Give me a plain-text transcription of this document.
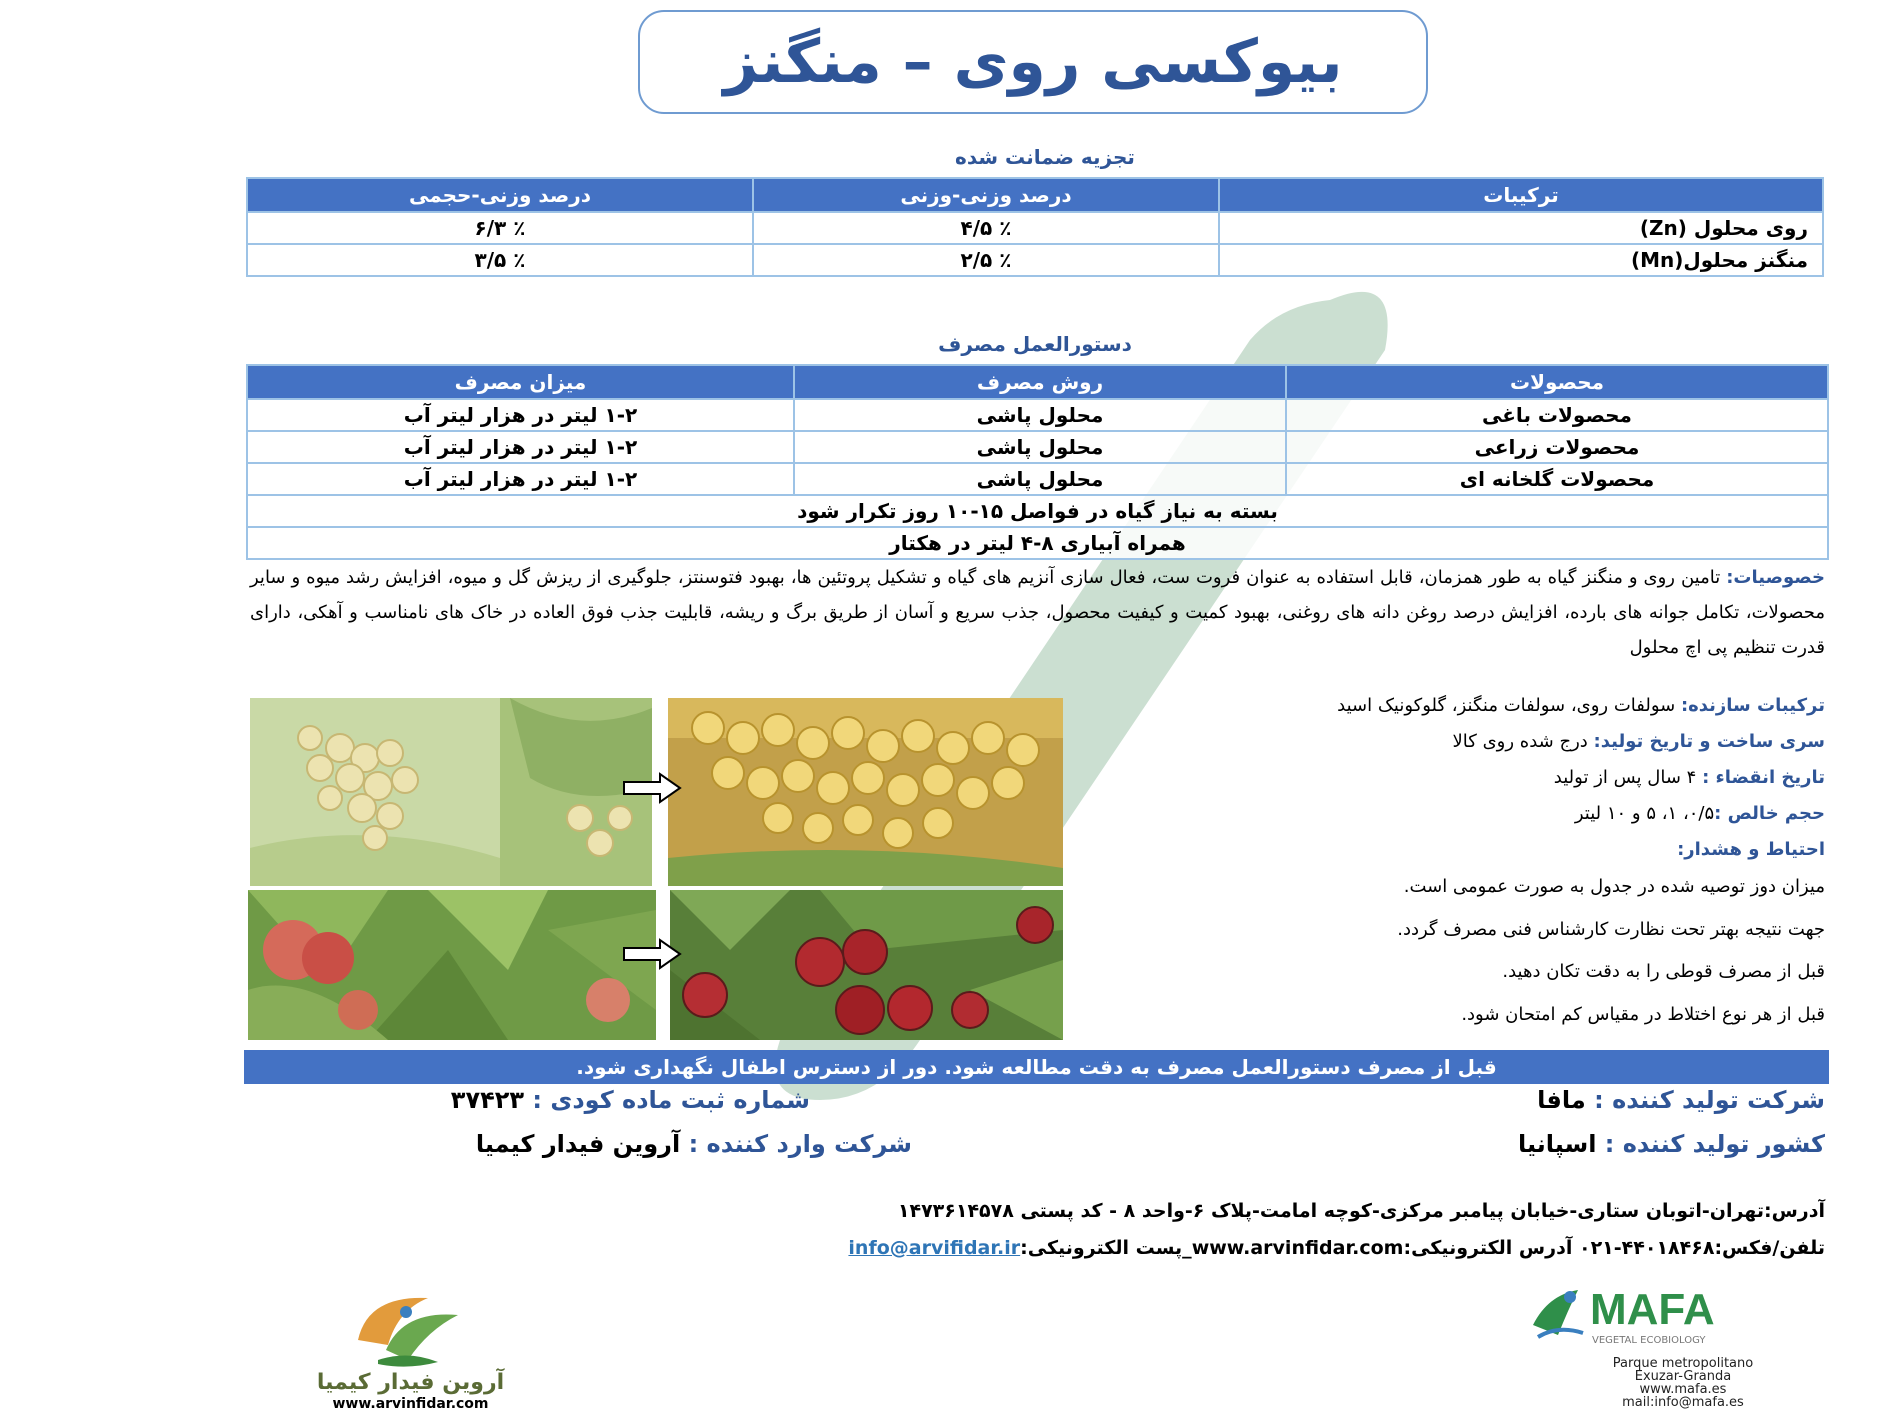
بیوکسی روی – منگنز
تجزیه ضمانت شده
ترکیبات	درصد وزنی-وزنی	درصد وزنی-حجمی
روی محلول (Zn)	٪ ۴/۵	٪ ۶/۳
منگنز محلول(Mn)	٪ ۲/۵	٪ ۳/۵
دستورالعمل مصرف
محصولات	روش مصرف	میزان مصرف
محصولات باغی	محلول پاشی	۱-۲ لیتر در هزار لیتر آب
محصولات زراعی	محلول پاشی	۱-۲ لیتر در هزار لیتر آب
محصولات گلخانه ای	محلول پاشی	۱-۲ لیتر در هزار لیتر آب
بسته به نیاز گیاه در فواصل ۱۵-۱۰ روز تکرار شود		
همراه آبیاری ۸-۴ لیتر در هکتار		
خصوصیات: تامین روی و منگنز گیاه به طور همزمان، قابل استفاده به عنوان فروت ست، فعال سازی آنزیم های گیاه و تشکیل پروتئین ها، بهبود فتوسنتز، جلوگیری از ریزش گل و میوه، افزایش رشد میوه و سایر محصولات، تکامل جوانه های بارده، افزایش درصد روغن دانه های روغنی، بهبود کمیت و کیفیت محصول، جذب سریع و آسان از طریق برگ و ریشه، قابلیت جذب فوق العاده در خاک های نامناسب و آهکی، دارای قدرت تنظیم پی اچ محلول
ترکیبات سازنده: سولفات روی، سولفات منگنز، گلوکونیک اسید
سری ساخت و تاریخ تولید: درج شده روی کالا
تاریخ انقضاء : ۴ سال پس از تولید
حجم خالص :۰/۵، ۱، ۵ و ۱۰ لیتر
احتیاط و هشدار:
میزان دوز توصیه شده در جدول به صورت عمومی است.
جهت نتیجه بهتر تحت نظارت کارشناس فنی مصرف گردد.
قبل از مصرف قوطی را به دقت تکان دهید.
قبل از هر نوع اختلاط در مقیاس کم امتحان شود.
قبل از مصرف دستورالعمل مصرف به دقت مطالعه شود. دور از دسترس اطفال نگهداری شود.
شرکت تولید کننده : مافا
شماره ثبت ماده کودی : ۳۷۴۲۳
کشور تولید کننده : اسپانیا
شرکت وارد کننده : آروین فیدار کیمیا
آدرس:تهران-اتوبان ستاری-خیابان پیامبر مرکزی-کوچه امامت-پلاک ۶-واحد ۸ - کد پستی ۱۴۷۳۶۱۴۵۷۸
تلفن/فکس:۴۴۰۱۸۴۶۸-۰۲۱ آدرس الکترونیکی:www.arvinfidar.com_پست الکترونیکی:info@arvifidar.ir
آروین فیدار کیمیا
www.arvinfidar.com
MAFA
VEGETAL ECOBIOLOGY
Parque metropolitano
Exuzar-Granda
www.mafa.es
mail:info@mafa.es
